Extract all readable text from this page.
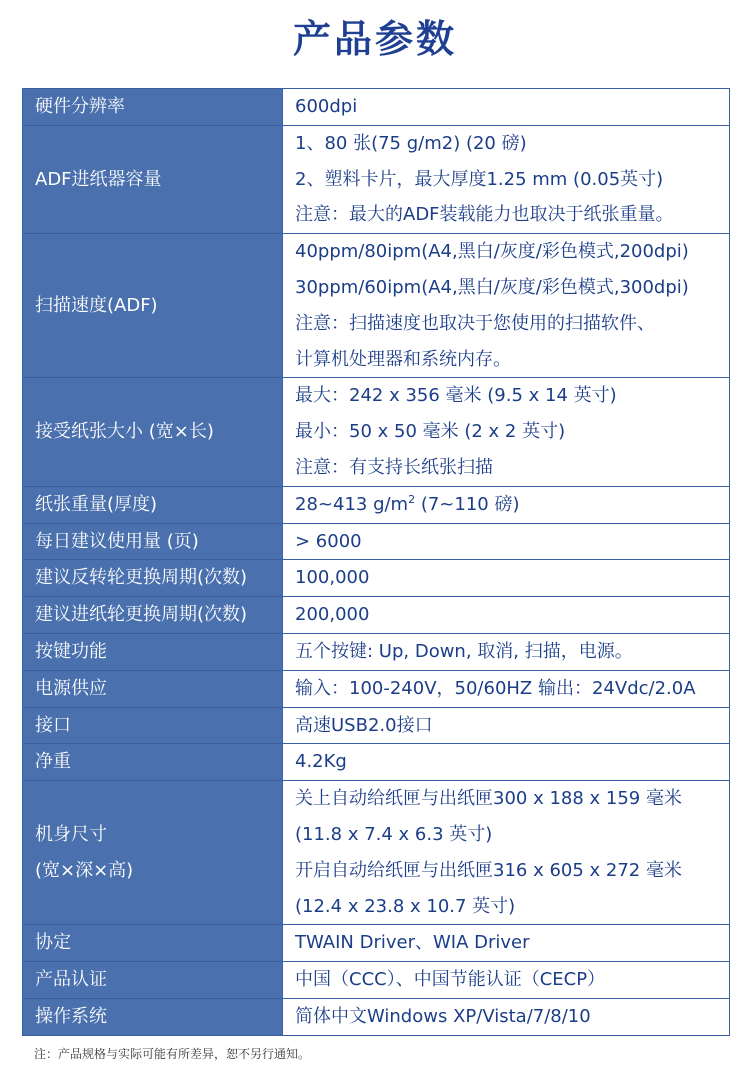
产品参数
硬件分辨率	600dpi

ADF进纸器容量	1、80 张(75 g/m2) (20 磅)
2、塑料卡片，最大厚度1.25 mm (0.05英寸)
注意：最大的ADF装载能力也取决于纸张重量。

扫描速度(ADF)	40ppm/80ipm(A4,黑白/灰度/彩色模式,200dpi)
30ppm/60ipm(A4,黑白/灰度/彩色模式,300dpi)
注意：扫描速度也取决于您使用的扫描软件、
计算机处理器和系统内存。

接受纸张大小 (宽×长)	最大：242 x 356 毫米 (9.5 x 14 英寸)
最小：50 x 50 毫米 (2 x 2 英寸)
注意：有支持长纸张扫描

纸张重量(厚度)	28~413 $g/m^2$ (7~110 磅)

每日建议使用量 (页)	> 6000

建议反转轮更换周期(次数)	100,000

建议进纸轮更换周期(次数)	200,000

按键功能	五个按键: Up, Down, 取消, 扫描，电源。

电源供应	输入：100-240V，50/60HZ 输出：24Vdc/2.0A

接口	高速USB2.0接口

净重	4.2Kg

机身尺寸
(宽×深×高)	关上自动给纸匣与出纸匣300 x 188 x 159 毫米
(11.8 x 7.4 x 6.3 英寸)
开启自动给纸匣与出纸匣316 x 605 x 272 毫米
(12.4 x 23.8 x 10.7 英寸)

协定	TWAIN Driver、WIA Driver

产品认证	中国（CCC）、中国节能认证（CECP）

操作系统	简体中文Windows XP/Vista/7/8/10
注：产品规格与实际可能有所差异，恕不另行通知。
